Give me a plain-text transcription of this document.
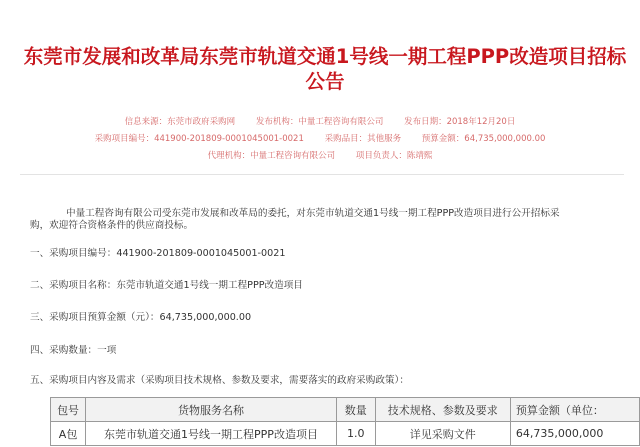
东莞市发展和改革局东莞市轨道交通1号线一期工程PPP改造项目招标公告
信息来源：东莞市政府采购网 发布机构：中量工程咨询有限公司 发布日期：2018年12月20日
采购项目编号：441900-201809-0001045001-0021 采购品目：其他服务 预算金额：64,735,000,000.00
代理机构：中量工程咨询有限公司 项目负责人：陈靖熙
中量工程咨询有限公司受东莞市发展和改革局的委托，对东莞市轨道交通1号线一期工程PPP改造项目进行公开招标采
购，欢迎符合资格条件的供应商投标。
一、采购项目编号：441900-201809-0001045001-0021
二、采购项目名称：东莞市轨道交通1号线一期工程PPP改造项目
三、采购项目预算金额（元）：64,735,000,000.00
四、采购数量：一项
五、采购项目内容及需求（采购项目技术规格、参数及要求，需要落实的政府采购政策）：
包号	货物服务名称	数量	技术规格、参数及要求	预算金额（单位：
A包	东莞市轨道交通1号线一期工程PPP改造项目	1.0	详见采购文件	64,735,000,000
